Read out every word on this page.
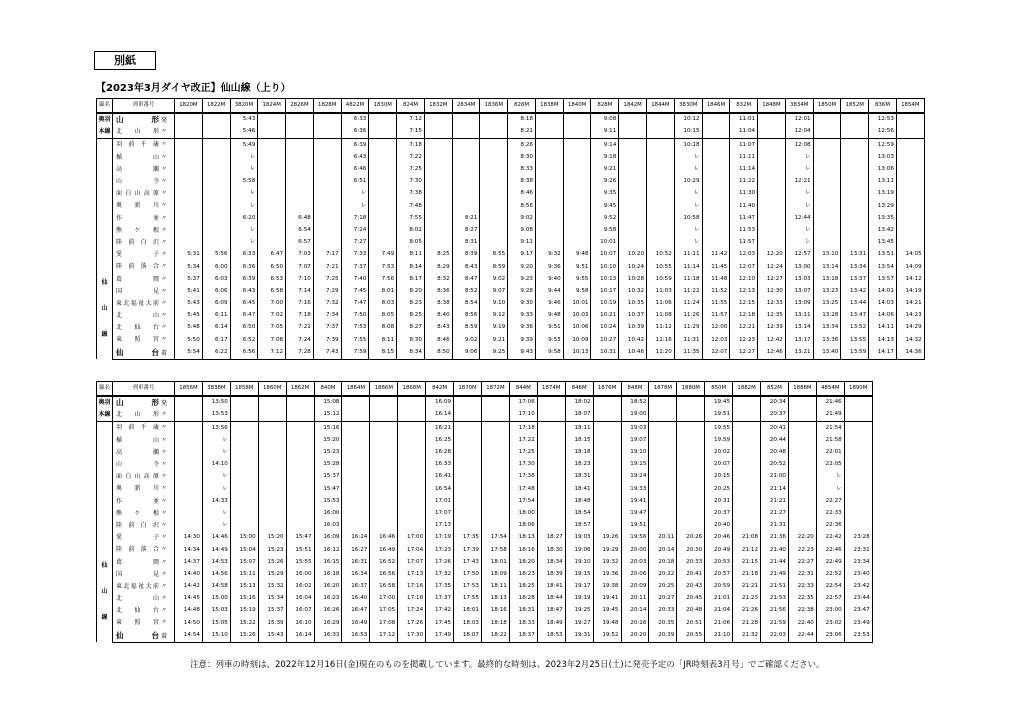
別紙
【2023年3月ダイヤ改正】仙山線（上り）
線名	列車番号	1820M	1822M	3820M	1824M	2826M	1828M	4822M	1830M	824M	1832M	2834M	1836M	826M	1838M	1840M	828M	1842M	1844M	3830M	1846M	832M	1848M	3834M	1850M	1852M	836M	1854M

奥羽
本線	山形 発			5:43				6:33		7:12				8:18			9:08			10:12		11:01		12:01			12:53	
	北山形 〃			5:46				6:36		7:15				8:21			9:11			10:15		11:04		12:04			12:56	

仙
山
線	羽前千歳 〃			5:49				6:39		7:18				8:26			9:14			10:18		11:07		12:08			12:59	
	楯山 〃			レ				6:43		7:22				8:30			9:18			レ		11:11		レ			13:03	
	高瀬 〃			レ				6:46		7:25				8:33			9:21			レ		11:14		レ			13:06	
	山寺 〃			5:58				6:51		7:30				8:38			9:26			10:29		11:22		12:21			13:11	
	面白山高原 〃			レ				レ		7:38				8:46			9:35			レ		11:30		レ			13:19	
	奥新川 〃			レ				レ		7:48				8:56			9:45			レ		11:40		レ			13:29	
	作並 〃			6:20		6:48		7:18		7:55		8:21		9:02			9:52			10:58		11:47		12:44			13:35	
	熊ケ根 〃			レ		6:54		7:24		8:02		8:27		9:08			9:58			レ		11:53		レ			13:42	
	陸前白沢 〃			レ		6:57		7:27		8:05		8:31		9:11			10:01			レ		11:57		レ			13:45	
	愛子 〃	5:31	5:56	6:33	6:47	7:03	7:17	7:33	7:49	8:11	8:25	8:39	8:55	9:17	9:32	9:48	10:07	10:20	10:52	11:11	11:42	12:03	12:20	12:57	13:10	13:31	13:51	14:05
	陸前落合 〃	5:34	6:00	6:36	6:50	7:07	7:21	7:37	7:53	8:14	8:29	8:43	8:59	9:20	9:36	9:51	10:10	10:24	10:55	11:14	11:45	12:07	12:24	13:00	13:14	13:34	13:54	14:09
	葛岡 〃	5:37	6:03	6:39	6:53	7:10	7:25	7:40	7:56	8:17	8:32	8:47	9:02	9:23	9:40	9:55	10:13	10:28	10:59	11:18	11:48	12:10	12:27	13:03	13:18	13:37	13:57	14:12
	国見 〃	5:41	6:06	6:43	6:58	7:14	7:29	7:45	8:01	8:20	8:36	8:52	9:07	9:28	9:44	9:58	10:17	10:32	11:03	11:22	11:52	12:13	12:30	13:07	13:23	13:42	14:01	14:19
	東北福祉大前 〃	5:43	6:09	6:45	7:00	7:16	7:32	7:47	8:03	8:23	8:38	8:54	9:10	9:30	9:46	10:01	10:19	10:35	11:06	11:24	11:55	12:15	12:33	13:09	13:25	13:44	14:03	14:21
	北山 〃	5:45	6:11	6:47	7:02	7:18	7:34	7:50	8:05	8:25	8:40	8:56	9:12	9:33	9:48	10:03	10:21	10:37	11:08	11:26	11:57	12:18	12:35	13:11	13:28	13:47	14:06	14:23
	北仙台 〃	5:48	6:14	6:50	7:05	7:21	7:37	7:53	8:08	8:27	8:43	8:59	9:19	9:36	9:51	10:06	10:24	10:39	11:12	11:29	12:00	12:21	12:39	13:14	13:34	13:52	14:11	14:29
	東照宮 〃	5:50	6:17	6:52	7:08	7:24	7:39	7:55	8:11	8:30	8:46	9:02	9:21	9:39	9:53	10:09	10:27	10:42	11:16	11:31	12:03	12:23	12:42	13:17	13:36	13:55	14:13	14:32
	仙台 着	5:54	6:22	6:56	7:12	7:28	7:43	7:59	8:15	8:34	8:50	9:06	9:25	9:43	9:58	10:13	10:31	10:46	11:20	11:35	12:07	12:27	12:46	13:21	13:40	13:59	14:17	14:36
線名	列車番号	1856M	3838M	1858M	1860M	1862M	840M	1864M	1866M	1868M	842M	1870M	1872M	844M	1874M	846M	1876M	848M	1878M	1880M	850M	1882M	852M	1888M	4854M	1890M

奥羽
本線	山形 発		13:50				15:08				16:09			17:06		18:02		18:52			19:45		20:34		21:46	
	北山形 〃		13:53				15:12				16:14			17:10		18:07		19:00			19:51		20:37		21:49	

仙
山
線	羽前千歳 〃		13:56				15:16				16:21			17:18		18:11		19:03			19:55		20:41		21:54	
	楯山 〃		レ				15:20				16:25			17:22		18:15		19:07			19:59		20:44		21:58	
	高瀬 〃		レ				15:23				16:28			17:25		18:18		19:10			20:02		20:48		22:01	
	山寺 〃		14:10				15:28				16:33			17:30		18:23		19:15			20:07		20:52		22:05	
	面白山高原 〃		レ				15:37				16:41			17:38		18:31		19:24			20:15		21:00		レ	
	奥新川 〃		レ				15:47				16:54			17:48		18:41		19:33			20:25		21:14		レ	
	作並 〃		14:33				15:53				17:01			17:54		18:48		19:41			20:31		21:21		22:27	
	熊ケ根 〃		レ				16:00				17:07			18:00		18:54		19:47			20:37		21:27		22:33	
	陸前白沢 〃		レ				16:03				17:13			18:06		18:57		19:51			20:40		21:31		22:36	
	愛子 〃	14:30	14:46	15:00	15:20	15:47	16:09	16:24	16:46	17:00	17:19	17:35	17:54	18:13	18:27	19:03	19:26	19:56	20:11	20:26	20:46	21:08	21:36	22:20	22:42	23:28
	陸前落合 〃	14:34	14:49	15:04	15:23	15:51	16:12	16:27	16:49	17:04	17:23	17:39	17:58	18:16	18:30	19:06	19:29	20:00	20:14	20:30	20:49	21:12	21:40	22:23	22:46	23:31
	葛岡 〃	14:37	14:53	15:07	15:26	15:55	16:15	16:31	16:52	17:07	17:26	17:43	18:01	18:20	18:34	19:10	19:32	20:03	20:18	20:33	20:53	21:15	21:44	22:27	22:49	23:34
	国見 〃	14:40	14:56	15:11	15:29	16:00	16:18	16:34	16:56	17:13	17:32	17:50	18:09	18:23	18:39	19:15	19:36	20:06	20:22	20:41	20:57	21:18	21:49	22:31	22:52	23:40
	東北福祉大前 〃	14:42	14:58	15:13	15:32	16:02	16:20	16:37	16:58	17:16	17:35	17:53	18:11	18:25	18:41	19:17	19:38	20:09	20:25	20:43	20:59	21:21	21:51	22:33	22:54	23:42
	北山 〃	14:45	15:00	15:16	15:34	16:04	16:23	16:40	17:00	17:18	17:37	17:55	18:13	18:28	18:44	19:19	19:41	20:11	20:27	20:45	21:01	21:23	21:53	22:35	22:57	23:44
	北仙台 〃	14:48	15:03	15:19	15:37	16:07	16:26	16:47	17:05	17:24	17:42	18:01	18:16	18:31	18:47	19:25	19:45	20:14	20:33	20:48	21:04	21:26	21:56	22:38	23:00	23:47
	東照宮 〃	14:50	15:05	15:22	15:39	16:10	16:29	16:49	17:08	17:26	17:45	18:03	18:18	18:33	18:49	19:27	19:48	20:16	20:35	20:51	21:06	21:28	21:59	22:40	23:02	23:49
	仙台 着	14:54	15:10	15:26	15:43	16:14	16:33	16:53	17:12	17:30	17:49	18:07	18:22	18:37	18:53	19:31	19:52	20:20	20:39	20:55	21:10	21:32	22:03	22:44	23:06	23:53
注意：列車の時刻は、2022年12月16日(金)現在のものを掲載しています。最終的な時刻は、2023年2月25日(土)に発売予定の「JR時刻表3月号」でご確認ください。
